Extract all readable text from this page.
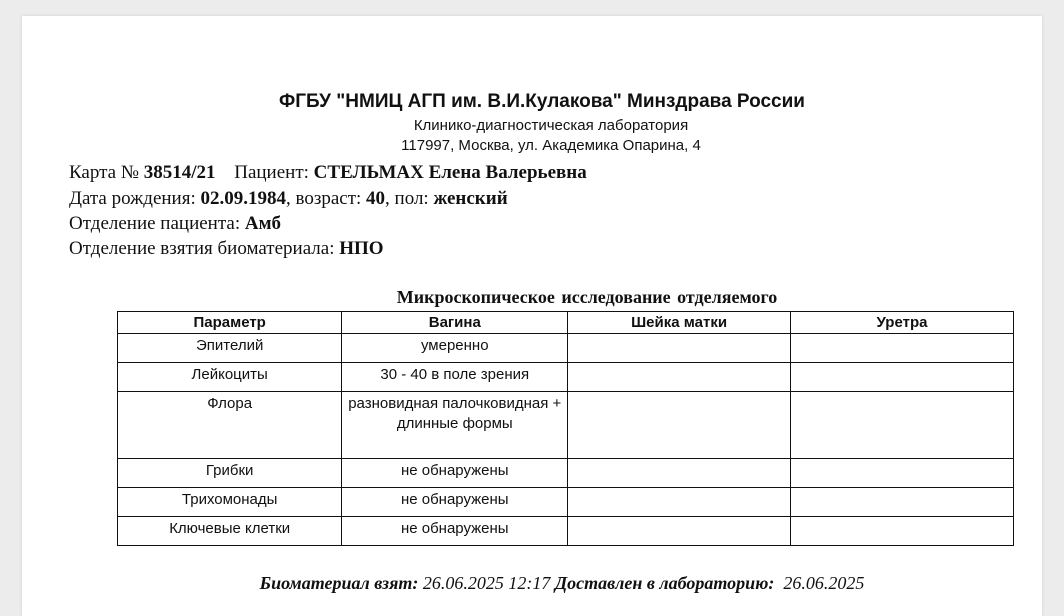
ФГБУ "НМИЦ АГП им. В.И.Кулакова" Минздрава России
Клинико-диагностическая лаборатория
117997, Москва, ул. Академика Опарина, 4
Карта № 38514/21 Пациент: СТЕЛЬМАХ Елена Валерьевна
Дата рождения: 02.09.1984, возраст: 40, пол: женский
Отделение пациента: Амб
Отделение взятия биоматериала: НПО
Микроскопическое исследование отделяемого
Параметр	Вагина	Шейка матки	Уретра
Эпителий	умеренно		
Лейкоциты	30 - 40 в поле зрения		
Флора	разновидная палочковидная + длинные формы		
Грибки	не обнаружены		
Трихомонады	не обнаружены		
Ключевые клетки	не обнаружены		
Биоматериал взят: 26.06.2025 12:17 Доставлен в лабораторию: 26.06.2025
